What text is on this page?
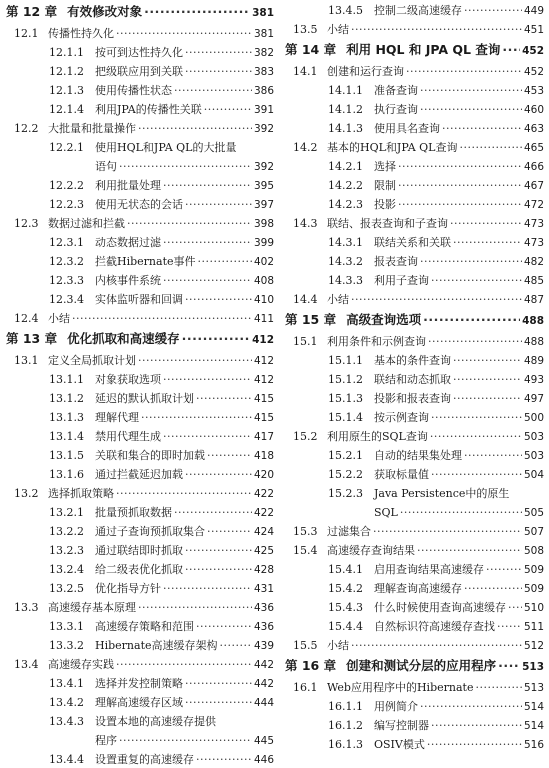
第 12 章 有效修改对象 ·····	381
12.1 传播性持久化 ·····	381
12.1.1	按可到达性持久化 ·····	382
12.1.2	把级联应用到关联 ·····	383
12.1.3	使用传播性状态 ·····	386
12.1.4	利用JPA的传播性关联 ·····	391
12.2 大批量和批量操作 ·····	392
12.2.1	使用HQL和JPA QL的大批量
语句 ·····	392
12.2.2	利用批量处理 ·····	395
12.2.3	使用无状态的会话 ·····	397
12.3 数据过滤和拦截 ·····	398
12.3.1	动态数据过滤 ·····	399
12.3.2	拦截Hibernate事件 ·····	402
12.3.3	内核事件系统 ·····	408
12.3.4	实体监听器和回调 ·····	410
12.4 小结 ·····	411
第 13 章 优化抓取和高速缓存 ·····	412
13.1 定义全局抓取计划 ·····	412
13.1.1	对象获取选项 ·····	412
13.1.2	延迟的默认抓取计划 ·····	415
13.1.3	理解代理 ·····	415
13.1.4	禁用代理生成 ·····	417
13.1.5	关联和集合的即时加载 ·····	418
13.1.6	通过拦截延迟加载 ·····	420
13.2 选择抓取策略 ·····	422
13.2.1	批量预抓取数据 ·····	422
13.2.2	通过子查询预抓取集合 ·····	424
13.2.3	通过联结即时抓取 ·····	425
13.2.4	给二级表优化抓取 ·····	428
13.2.5	优化指导方针 ·····	431
13.3 高速缓存基本原理 ·····	436
13.3.1	高速缓存策略和范围 ·····	436
13.3.2	Hibernate高速缓存架构 ·····	439
13.4 高速缓存实践 ·····	442
13.4.1	选择并发控制策略 ·····	442
13.4.2	理解高速缓存区域 ·····	444
13.4.3	设置本地的高速缓存提供
程序 ·····	445
13.4.4	设置重复的高速缓存 ·····	446
13.4.5	控制二级高速缓存 ·····	449
13.5 小结 ·····	451
第 14 章 利用 HQL 和 JPA QL 查询 ····· 452
14.1 创建和运行查询 ·····	452
14.1.1	准备查询 ·····	453
14.1.2	执行查询 ·····	460
14.1.3	使用具名查询 ·····	463
14.2 基本的HQL和JPA QL查询 ·····	465
14.2.1	选择 ·····	466
14.2.2	限制 ·····	467
14.2.3	投影 ·····	472
14.3 联结、报表查询和子查询 ·····	473
14.3.1	联结关系和关联 ·····	473
14.3.2	报表查询 ·····	482
14.3.3	利用子查询 ·····	485
14.4 小结 ·····	487
第 15 章 高级查询选项 ·····	488
15.1 利用条件和示例查询 ·····	488
15.1.1	基本的条件查询 ·····	489
15.1.2	联结和动态抓取 ·····	493
15.1.3	投影和报表查询 ·····	497
15.1.4	按示例查询 ·····	500
15.2 利用原生的SQL查询 ·····	503
15.2.1	自动的结果集处理 ·····	503
15.2.2	获取标量值 ·····	504
15.2.3	Java Persistence中的原生
SQL ·····	505
15.3 过滤集合 ·····	507
15.4 高速缓存查询结果 ·····	508
15.4.1	启用查询结果高速缓存 ·····	509
15.4.2	理解查询高速缓存 ·····	509
15.4.3	什么时候使用查询高速缓存 ····· 510
15.4.4	自然标识符高速缓存查找 ·····	511
15.5 小结 ·····	512
第 16 章 创建和测试分层的应用程序 ····· 513
16.1 Web应用程序中的Hibernate ·····	513
16.1.1	用例简介 ·····	514
16.1.2	编写控制器 ·····	514
16.1.3	OSIV模式 ·····	516
